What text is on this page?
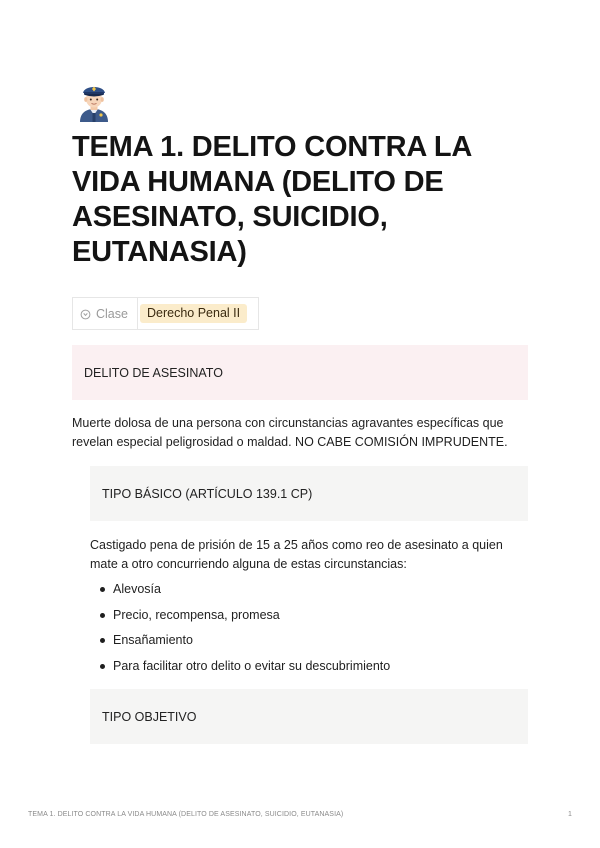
TEMA 1. DELITO CONTRA LA VIDA HUMANA (DELITO DE ASESINATO, SUICIDIO, EUTANASIA)
Clase	Derecho Penal II
DELITO DE ASESINATO

Muerte dolosa de una persona con circunstancias agravantes específicas que revelan especial peligrosidad o maldad. NO CABE COMISIÓN IMPRUDENTE.

TIPO BÁSICO (ARTÍCULO 139.1 CP)

Castigado pena de prisión de 15 a 25 años como reo de asesinato a quien mate a otro concurriendo alguna de estas circunstancias:

Alevosía
Precio, recompensa, promesa
Ensañamiento
Para facilitar otro delito o evitar su descubrimiento
TIPO OBJETIVO
TEMA 1. DELITO CONTRA LA VIDA HUMANA (DELITO DE ASESINATO, SUICIDIO, EUTANASIA)	1
